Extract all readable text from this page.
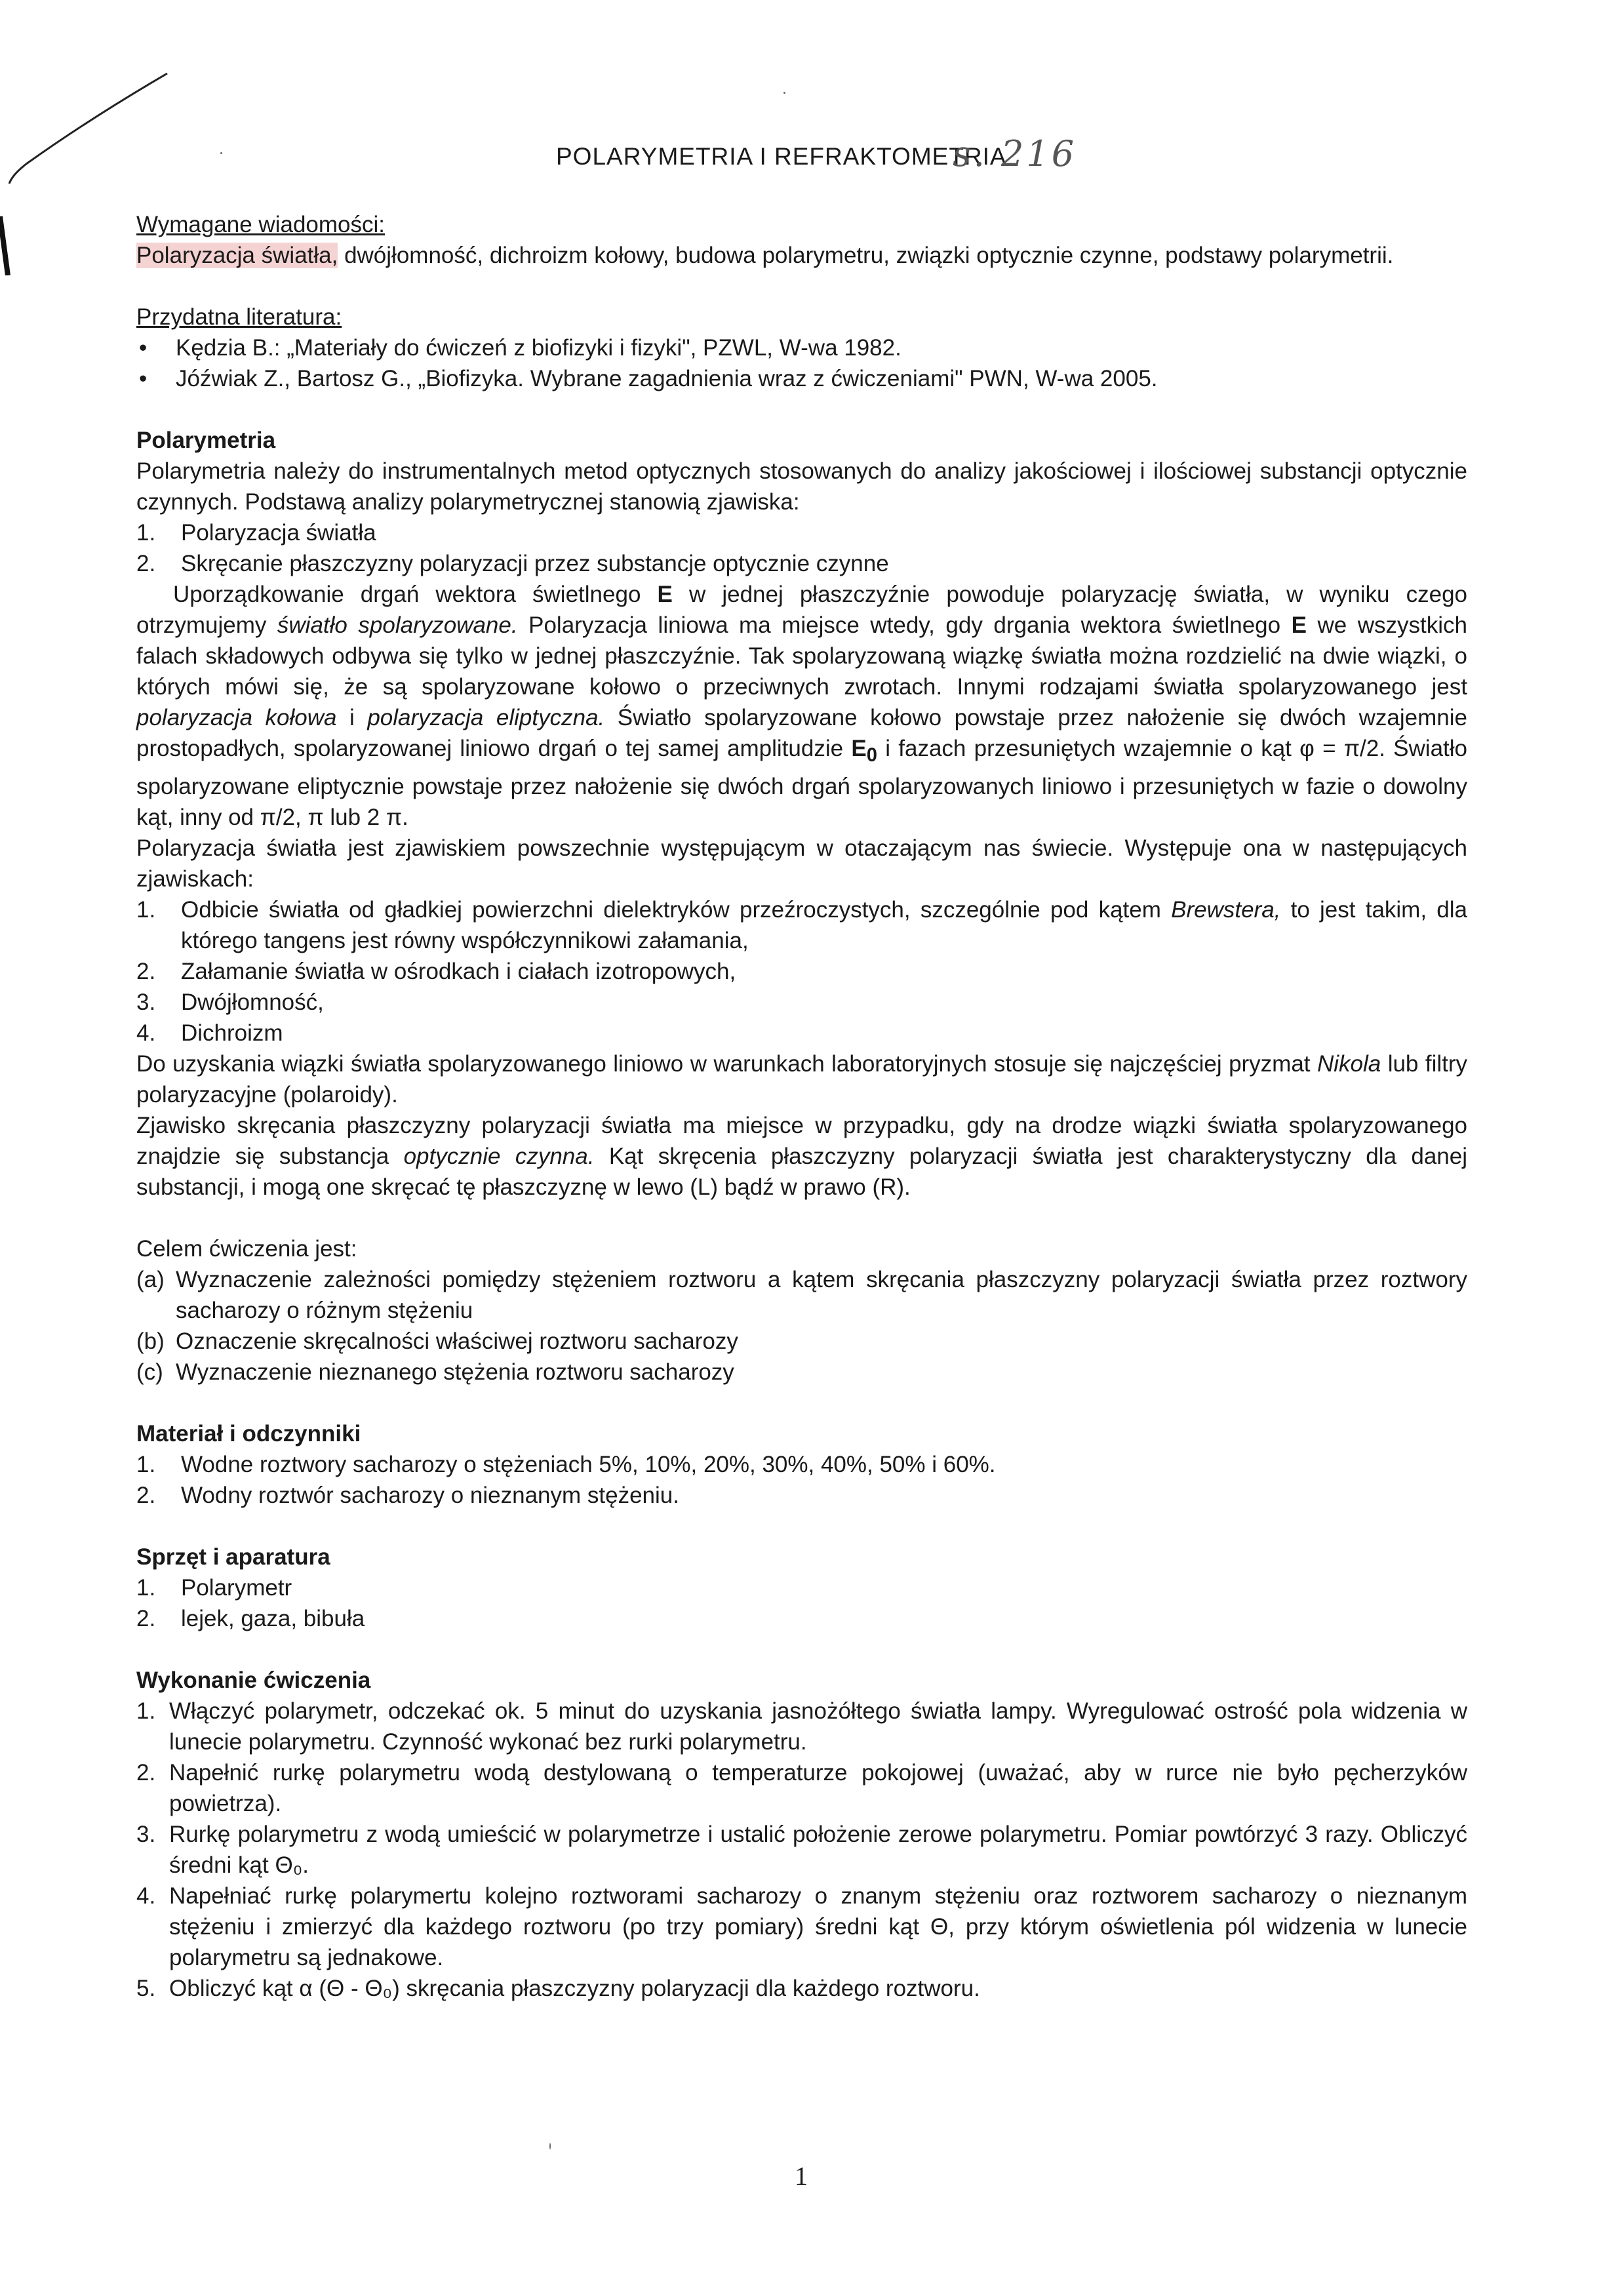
POLARYMETRIA I REFRAKTOMETRIA
s. 216
Wymagane wiadomości:

Polaryzacja światła, dwójłomność, dichroizm kołowy, budowa polarymetru, związki optycznie czynne, podstawy polarymetrii.

Przydatna literatura:
• Kędzia B.: „Materiały do ćwiczeń z biofizyki i fizyki", PZWL, W-wa 1982.
• Jóźwiak Z., Bartosz G., „Biofizyka. Wybrane zagadnienia wraz z ćwiczeniami" PWN, W-wa 2005.
Polarymetria

Polarymetria należy do instrumentalnych metod optycznych stosowanych do analizy jakościowej i ilościowej substancji optycznie czynnych. Podstawą analizy polarymetrycznej stanowią zjawiska:

1. Polaryzacja światła
2. Skręcanie płaszczyzny polaryzacji przez substancje optycznie czynne

Uporządkowanie drgań wektora świetlnego E w jednej płaszczyźnie powoduje polaryzację światła, w wyniku czego otrzymujemy światło spolaryzowane. Polaryzacja liniowa ma miejsce wtedy, gdy drgania wektora świetlnego E we wszystkich falach składowych odbywa się tylko w jednej płaszczyźnie. Tak spolaryzowaną wiązkę światła można rozdzielić na dwie wiązki, o których mówi się, że są spolaryzowane kołowo o przeciwnych zwrotach. Innymi rodzajami światła spolaryzowanego jest polaryzacja kołowa i polaryzacja eliptyczna. Światło spolaryzowane kołowo powstaje przez nałożenie się dwóch wzajemnie prostopadłych, spolaryzowanej liniowo drgań o tej samej amplitudzie $E_0$ i fazach przesuniętych wzajemnie o kąt φ = π/2. Światło spolaryzowane eliptycznie powstaje przez nałożenie się dwóch drgań spolaryzowanych liniowo i przesuniętych w fazie o dowolny kąt, inny od π/2, π lub 2 π.

Polaryzacja światła jest zjawiskiem powszechnie występującym w otaczającym nas świecie. Występuje ona w następujących zjawiskach:

1. Odbicie światła od gładkiej powierzchni dielektryków przeźroczystych, szczególnie pod kątem Brewstera, to jest takim, dla którego tangens jest równy współczynnikowi załamania,
2. Załamanie światła w ośrodkach i ciałach izotropowych,
3. Dwójłomność,
4. Dichroizm

Do uzyskania wiązki światła spolaryzowanego liniowo w warunkach laboratoryjnych stosuje się najczęściej pryzmat Nikola lub filtry polaryzacyjne (polaroidy).

Zjawisko skręcania płaszczyzny polaryzacji światła ma miejsce w przypadku, gdy na drodze wiązki światła spolaryzowanego znajdzie się substancja optycznie czynna. Kąt skręcenia płaszczyzny polaryzacji światła jest charakterystyczny dla danej substancji, i mogą one skręcać tę płaszczyznę w lewo (L) bądź w prawo (R).

Celem ćwiczenia jest:
(a) Wyznaczenie zależności pomiędzy stężeniem roztworu a kątem skręcania płaszczyzny polaryzacji światła przez roztwory sacharozy o różnym stężeniu
(b) Oznaczenie skręcalności właściwej roztworu sacharozy
(c) Wyznaczenie nieznanego stężenia roztworu sacharozy
Materiał i odczynniki
1. Wodne roztwory sacharozy o stężeniach 5%, 10%, 20%, 30%, 40%, 50% i 60%.
2. Wodny roztwór sacharozy o nieznanym stężeniu.
Sprzęt i aparatura
1. Polarymetr
2. lejek, gaza, bibuła
Wykonanie ćwiczenia
1. Włączyć polarymetr, odczekać ok. 5 minut do uzyskania jasnożółtego światła lampy. Wyregulować ostrość pola widzenia w lunecie polarymetru. Czynność wykonać bez rurki polarymetru.
2. Napełnić rurkę polarymetru wodą destylowaną o temperaturze pokojowej (uważać, aby w rurce nie było pęcherzyków powietrza).
3. Rurkę polarymetru z wodą umieścić w polarymetrze i ustalić położenie zerowe polarymetru. Pomiar powtórzyć 3 razy. Obliczyć średni kąt Θ₀.
4. Napełniać rurkę polarymertu kolejno roztworami sacharozy o znanym stężeniu oraz roztworem sacharozy o nieznanym stężeniu i zmierzyć dla każdego roztworu (po trzy pomiary) średni kąt Θ, przy którym oświetlenia pól widzenia w lunecie polarymetru są jednakowe.
5. Obliczyć kąt α (Θ - Θ₀) skręcania płaszczyzny polaryzacji dla każdego roztworu.
1
